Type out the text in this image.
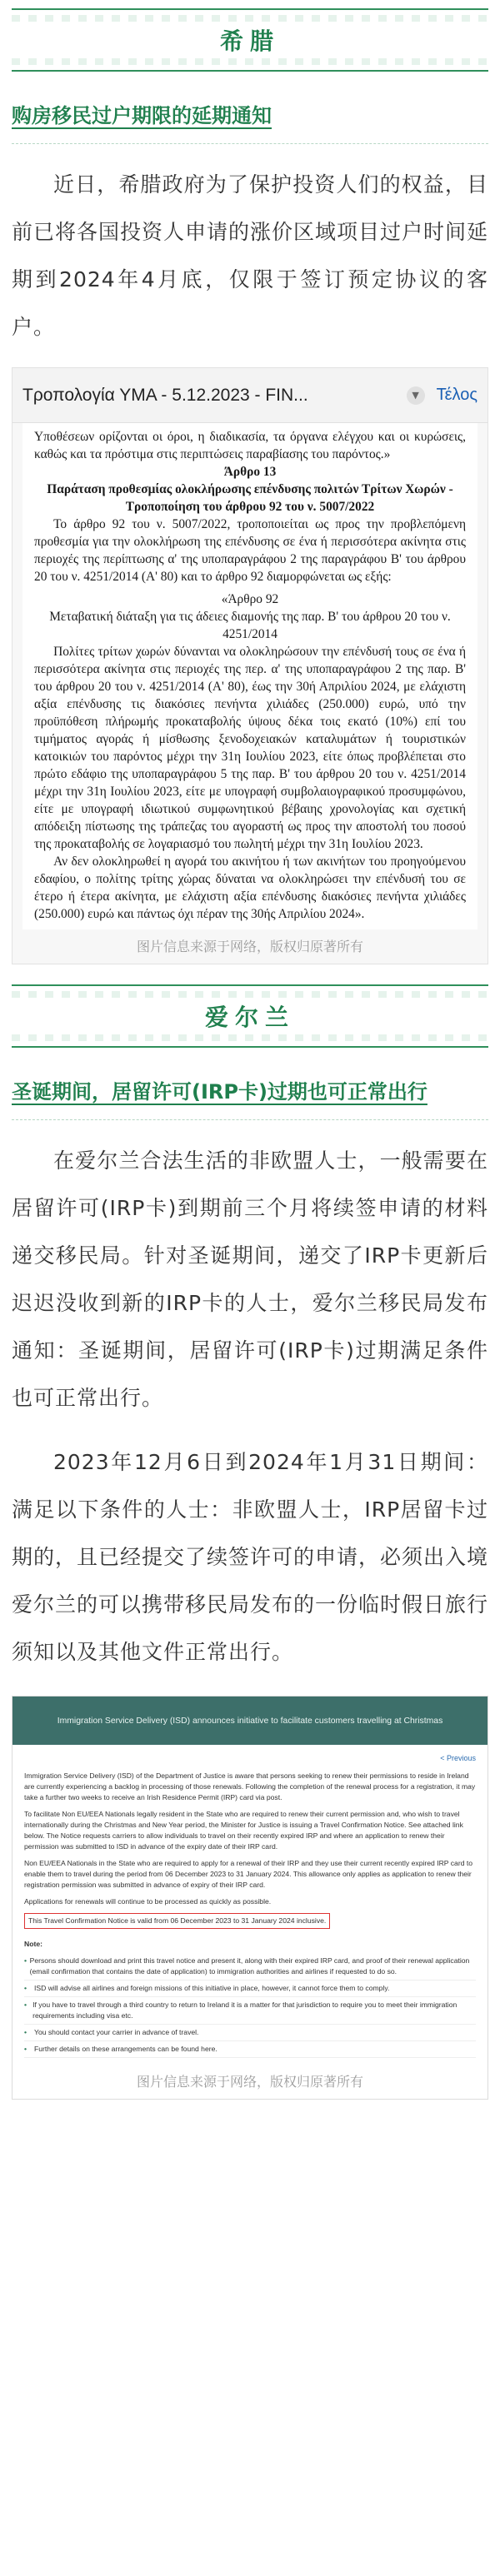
希腊
购房移民过户期限的延期通知

近日，希腊政府为了保护投资人们的权益，目前已将各国投资人申请的涨价区域项目过户时间延期到2024年4月底，仅限于签订预定协议的客户。

Τροπολογία ΥΜΑ - 5.12.2023 - FIN...	▼	Τέλος

Υποθέσεων ορίζονται οι όροι, η διαδικασία, τα όργανα ελέγχου και οι κυρώσεις, καθώς και τα πρόστιμα στις περιπτώσεις παραβίασης του παρόντος.»

Άρθρο 13

Παράταση προθεσμίας ολοκλήρωσης επένδυσης πολιτών Τρίτων Χωρών - Τροποποίηση του άρθρου 92 του ν. 5007/2022

Το άρθρο 92 του ν. 5007/2022, τροποποιείται ως προς την προβλεπόμενη προθεσμία για την ολοκλήρωση της επένδυσης σε ένα ή περισσότερα ακίνητα στις περιοχές της περίπτωσης α' της υποπαραγράφου 2 της παραγράφου Β' του άρθρου 20 του ν. 4251/2014 (Α' 80) και το άρθρο 92 διαμορφώνεται ως εξής:

«Άρθρο 92

Μεταβατική διάταξη για τις άδειες διαμονής της παρ. Β' του άρθρου 20 του ν. 4251/2014

Πολίτες τρίτων χωρών δύνανται να ολοκληρώσουν την επένδυσή τους σε ένα ή περισσότερα ακίνητα στις περιοχές της περ. α' της υποπαραγράφου 2 της παρ. Β' του άρθρου 20 του ν. 4251/2014 (Α' 80), έως την 30ή Απριλίου 2024, με ελάχιστη αξία επένδυσης τις διακόσιες πενήντα χιλιάδες (250.000) ευρώ, υπό την προϋπόθεση πλήρωμής προκαταβολής ύψους δέκα τοις εκατό (10%) επί του τιμήματος αγοράς ή μίσθωσης ξενοδοχειακών καταλυμάτων ή τουριστικών κατοικιών του παρόντος μέχρι την 31η Ιουλίου 2023, είτε όπως προβλέπεται στο πρώτο εδάφιο της υποπαραγράφου 5 της παρ. Β' του άρθρου 20 του ν. 4251/2014 μέχρι την 31η Ιουλίου 2023, είτε με υπογραφή συμβολαιογραφικού προσυμφώνου, είτε με υπογραφή ιδιωτικού συμφωνητικού βέβαιης χρονολογίας και σχετική απόδειξη πίστωσης της τράπεζας του αγοραστή ως προς την αποστολή του ποσού της προκαταβολής σε λογαριασμό του πωλητή μέχρι την 31η Ιουλίου 2023.

Αν δεν ολοκληρωθεί η αγορά του ακινήτου ή των ακινήτων του προηγούμενου εδαφίου, ο πολίτης τρίτης χώρας δύναται να ολοκληρώσει την επένδυσή του σε έτερο ή έτερα ακίνητα, με ελάχιστη αξία επένδυσης διακόσιες πενήντα χιλιάδες (250.000) ευρώ και πάντως όχι πέραν της 30ής Απριλίου 2024».

图片信息来源于网络，版权归原著所有
爱尔兰
圣诞期间，居留许可(IRP卡)过期也可正常出行

在爱尔兰合法生活的非欧盟人士，一般需要在居留许可(IRP卡)到期前三个月将续签申请的材料递交移民局。针对圣诞期间，递交了IRP卡更新后迟迟没收到新的IRP卡的人士，爱尔兰移民局发布通知：圣诞期间，居留许可(IRP卡)过期满足条件也可正常出行。

2023年12月6日到2024年1月31日期间：满足以下条件的人士：非欧盟人士，IRP居留卡过期的，且已经提交了续签许可的申请，必须出入境爱尔兰的可以携带移民局发布的一份临时假日旅行须知以及其他文件正常出行。

Immigration Service Delivery (ISD) announces initiative to facilitate customers travelling at Christmas
< Previous

Immigration Service Delivery (ISD) of the Department of Justice is aware that persons seeking to renew their permissions to reside in Ireland are currently experiencing a backlog in processing of those renewals. Following the completion of the renewal process for a registration, it may take a further two weeks to receive an Irish Residence Permit (IRP) card via post.

To facilitate Non EU/EEA Nationals legally resident in the State who are required to renew their current permission and, who wish to travel internationally during the Christmas and New Year period, the Minister for Justice is issuing a Travel Confirmation Notice. See attached link below. The Notice requests carriers to allow individuals to travel on their recently expired IRP and where an application to renew their permission was submitted to ISD in advance of the expiry date of their IRP card.

Non EU/EEA Nationals in the State who are required to apply for a renewal of their IRP and they use their current recently expired IRP card to enable them to travel during the period from 06 December 2023 to 31 January 2024. This allowance only applies as application to renew their registration permission was submitted in advance of expiry of their IRP card.

Applications for renewals will continue to be processed as quickly as possible.

This Travel Confirmation Notice is valid from 06 December 2023 to 31 January 2024 inclusive.
Note:
• Persons should download and print this travel notice and present it, along with their expired IRP card, and proof of their renewal application (email confirmation that contains the date of application) to immigration authorities and airlines if requested to do so.
•	ISD will advise all airlines and foreign missions of this initiative in place, however, it cannot force them to comply.
• If you have to travel through a third country to return to Ireland it is a matter for that jurisdiction to require you to meet their immigration requirements including visa etc.
•	You should contact your carrier in advance of travel.
•	Further details on these arrangements can be found here.
图片信息来源于网络，版权归原著所有
